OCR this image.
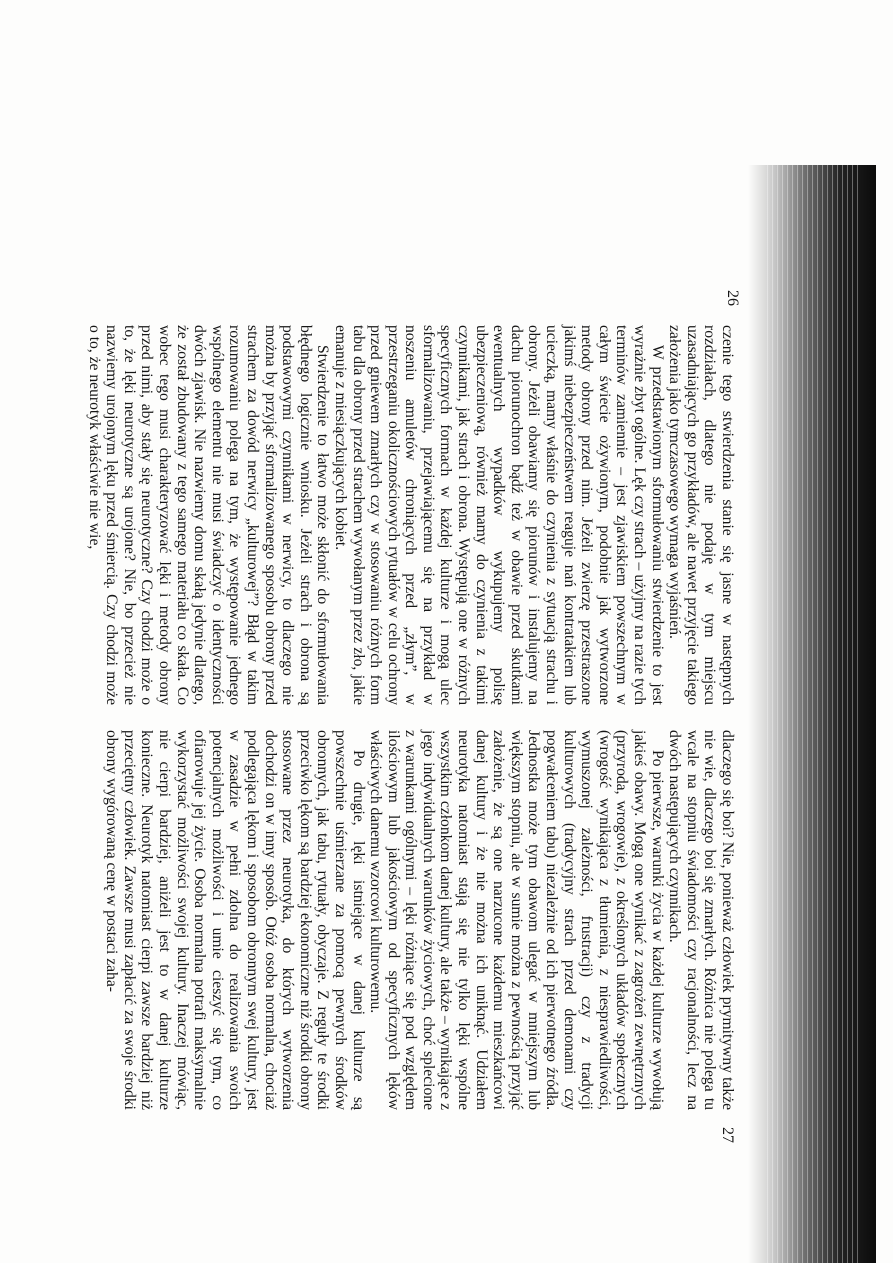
26

czenie tego stwierdzenia stanie się jasne w następnych rozdziałach, dlatego nie podaję w tym miejscu uzasadniających go przykładów, ale nawet przyjęcie takiego założenia jako tymczasowego wymaga wyjaśnień.

W przedstawionym sformułowaniu stwierdzenie to jest wyrażnie zbyt ogólne. Lęk czy strach – użyjmy na razie tych terminów zamiennie – jest zjawiskiem powszechnym w całym świecie ożywionym, podobnie jak wytworzone metody obrony przed nim. Jeżeli zwierzę przestraszone jakimś niebezpieczeństwem reaguje nań kontratakiem lub ucieczką, mamy właśnie do czynienia z sytuacją strachu i obrony. Jeżeli obawiamy się piorunów i instalujemy na dachu piorunochron bądź też w obawie przed skutkami ewentualnych wypadków wykupujemy polisę ubezpieczeniową, również mamy do czynienia z takimi czynnikami, jak strach i obrona. Występują one w różnych specyficznych formach w każdej kulturze i mogą ulec sformalizowaniu, przejawiającemu się na przykład w noszeniu amuletów chroniących przed „złym”, w przestrzeganiu okolicznościowych rytuałów w celu ochrony przed gniewem zmarłych czy w stosowaniu różnych form tabu dla obrony przed strachem wywołanym przez zło, jakie emanuje z miesiączkujących kobiet.

Stwierdzenie to łatwo może skłonić do sformułowania błędnego logicznie wniosku. Jeżeli strach i obrona są podstawowymi czynnikami w nerwicy, to dlaczego nie można by przyjąć sformalizowanego sposobu obrony przed strachem za dowód nerwicy „kulturowej”? Błąd w takim rozumowaniu polega na tym, że występowanie jednego wspólnego elementu nie musi świadczyć o identyczności dwóch zjawisk. Nie nazwiemy domu skałą jedynie dlatego, że został zbudowany z tego samego materiału co skała. Co wobec tego musi charakteryzować lęki i metody obrony przed nimi, aby stały się neurotyczne? Czy chodzi może o to, że lęki neurotyczne są urojone? Nie, bo przecież nie nazwiemy urojonym lęku przed śmiercią. Czy chodzi może o to, że neurotyk właściwie nie wie,

27

dlaczego się boi? Nie, ponieważ człowiek prymitywny także nie wie, dlaczego boi się zmarłych. Różnica nie polega tu wcale na stopniu świadomości czy racjonalności, lecz na dwóch następujących czynnikach.

Po pierwsze, warunki życia w każdej kulturze wywołują jakieś obawy. Mogą one wynikać z zagrożeń zewnętrznych (przyroda, wrogowie), z określonych układów społecznych (wrogość wynikająca z tłumienia, z niesprawiedliwości, wymuszonej zależności, frustracji) czy z tradycji kulturowych (tradycyjny strach przed demonami czy pogwałceniem tabu) niezależnie od ich pierwotnego źródła. Jednostka może tym obawom ulegać w mniejszym lub większym stopniu, ale w sumie można z pewnością przyjąć założenie, że są one narzucone każdemu mieszkańcowi danej kultury i że nie można ich uniknąć. Udziałem neurotyka natomiast stają się nie tylko lęki wspólne wszystkim członkom danej kultury, ale także – wynikające z jego indywidualnych warunków życiowych, choć splecione z warunkami ogólnymi – lęki różniące się pod względem ilościowym lub jakościowym od specyficznych lęków właściwych danemu wzorcowi kulturowemu.

Po drugie, lęki istniejące w danej kulturze są powszechnie uśmierzane za pomocą pewnych środków obronnych, jak tabu, rytuały, obyczaje. Z reguły te środki przeciwko lękom są bardziej ekonomiczne niż środki obrony stosowane przez neurotyka, do których wytworzenia dochodzi on w inny sposób. Otóż osoba normalna, chociaż podlegająca lękom i sposobom obronnym swej kultury, jest w zasadzie w pełni zdolna do realizowania swoich potencjalnych możliwości i umie cieszyć się tym, co ofiarowuje jej życie. Osoba normalna potrafi maksymalnie wykorzystać możliwości swojej kultury. Inaczej mówiąc, nie cierpi bardziej, aniżeli jest to w danej kulturze konieczne. Neurotyk natomiast cierpi zawsze bardziej niż przeciętny człowiek. Zawsze musi zapłacić za swoje środki obrony wygórowaną cenę w postaci zaha-
